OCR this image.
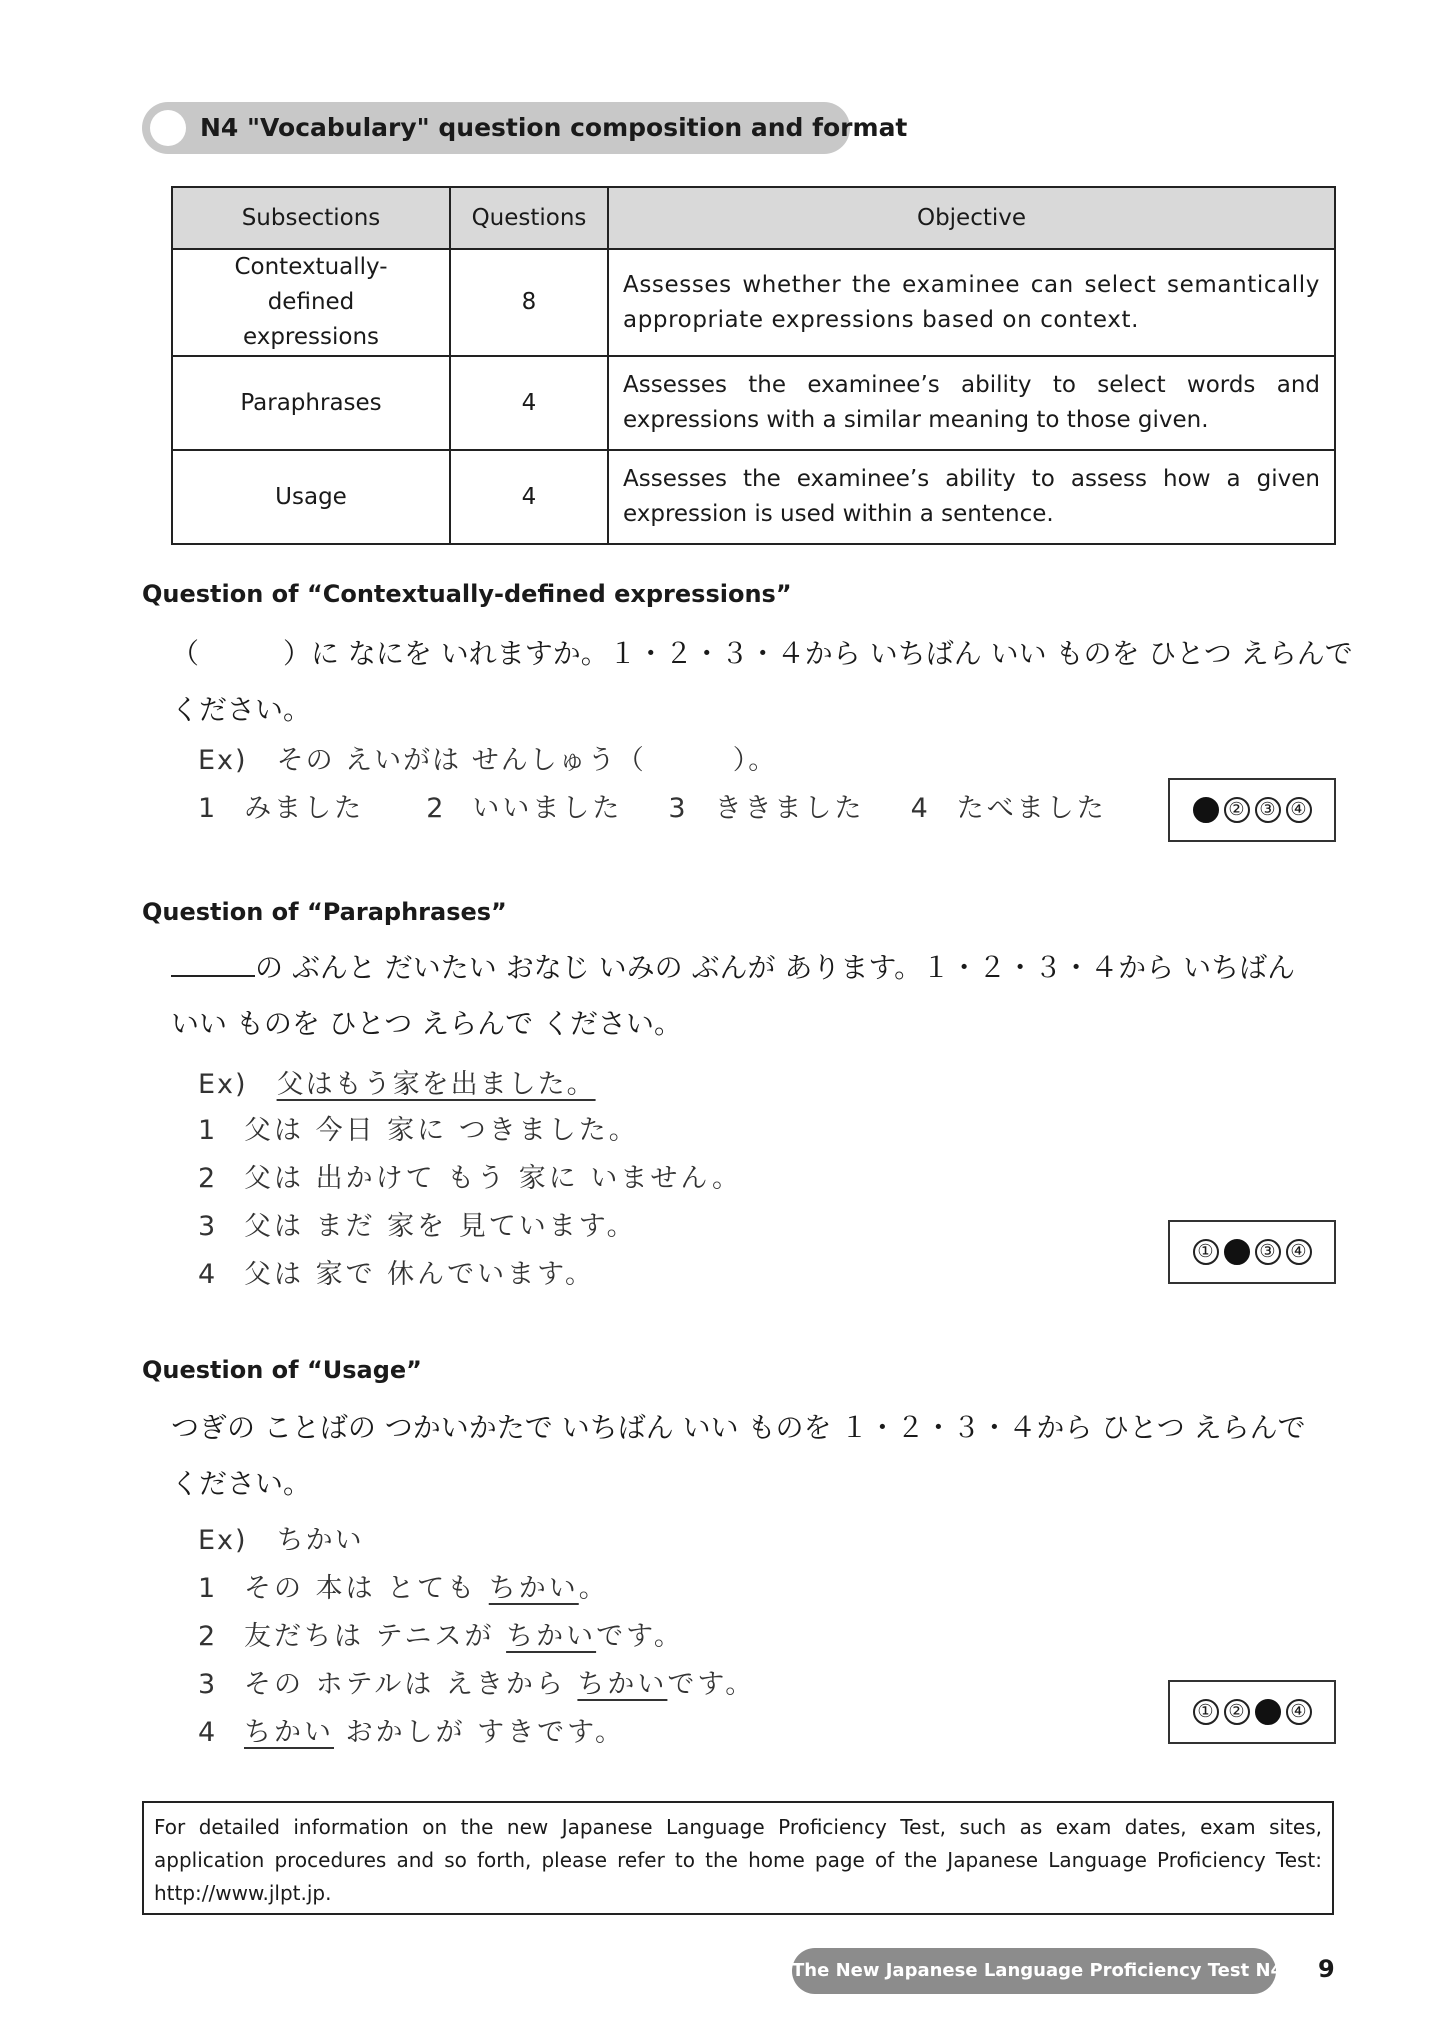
N4 "Vocabulary" question composition and format
Subsections	Questions	Objective
Contextually-defined expressions	8	Assesses whether the examinee can select semantically appropriate expressions based on context.
Paraphrases	4	Assesses the examinee’s ability to select words and expressions with a similar meaning to those given.
Usage	4	Assesses the examinee’s ability to assess how a given expression is used within a sentence.
Question of “Contextually-defined expressions”
（　　　）に なにを いれますか。１・２・３・４から いちばん いい ものを ひとつ えらんで
ください。
Ex)　その えいがは せんしゅう（　　　）。
1 みました 2 いいました 3 ききました 4 たべました	② ③ ④
Question of “Paraphrases”
の ぶんと だいたい おなじ いみの ぶんが あります。１・２・３・４から いちばん
いい ものを ひとつ えらんで ください。
Ex)　父はもう家を出ました。
1 父は 今日 家に つきました。
2 父は 出かけて もう 家に いません。
3 父は まだ 家を 見ています。
4 父は 家で 休んでいます。
①	③ ④
Question of “Usage”
つぎの ことばの つかいかたで いちばん いい ものを １・２・３・４から ひとつ えらんで
ください。
Ex)　ちかい
1 その 本は とても ちかい。
2 友だちは テニスが ちかいです。
3 その ホテルは えきから ちかいです。
4 ちかい おかしが すきです。
① ②	④
For detailed information on the new Japanese Language Proficiency Test, such as exam dates, exam sites, application procedures and so forth, please refer to the home page of the Japanese Language Proficiency Test: http://www.jlpt.jp.
The New Japanese Language Proficiency Test N4 9
